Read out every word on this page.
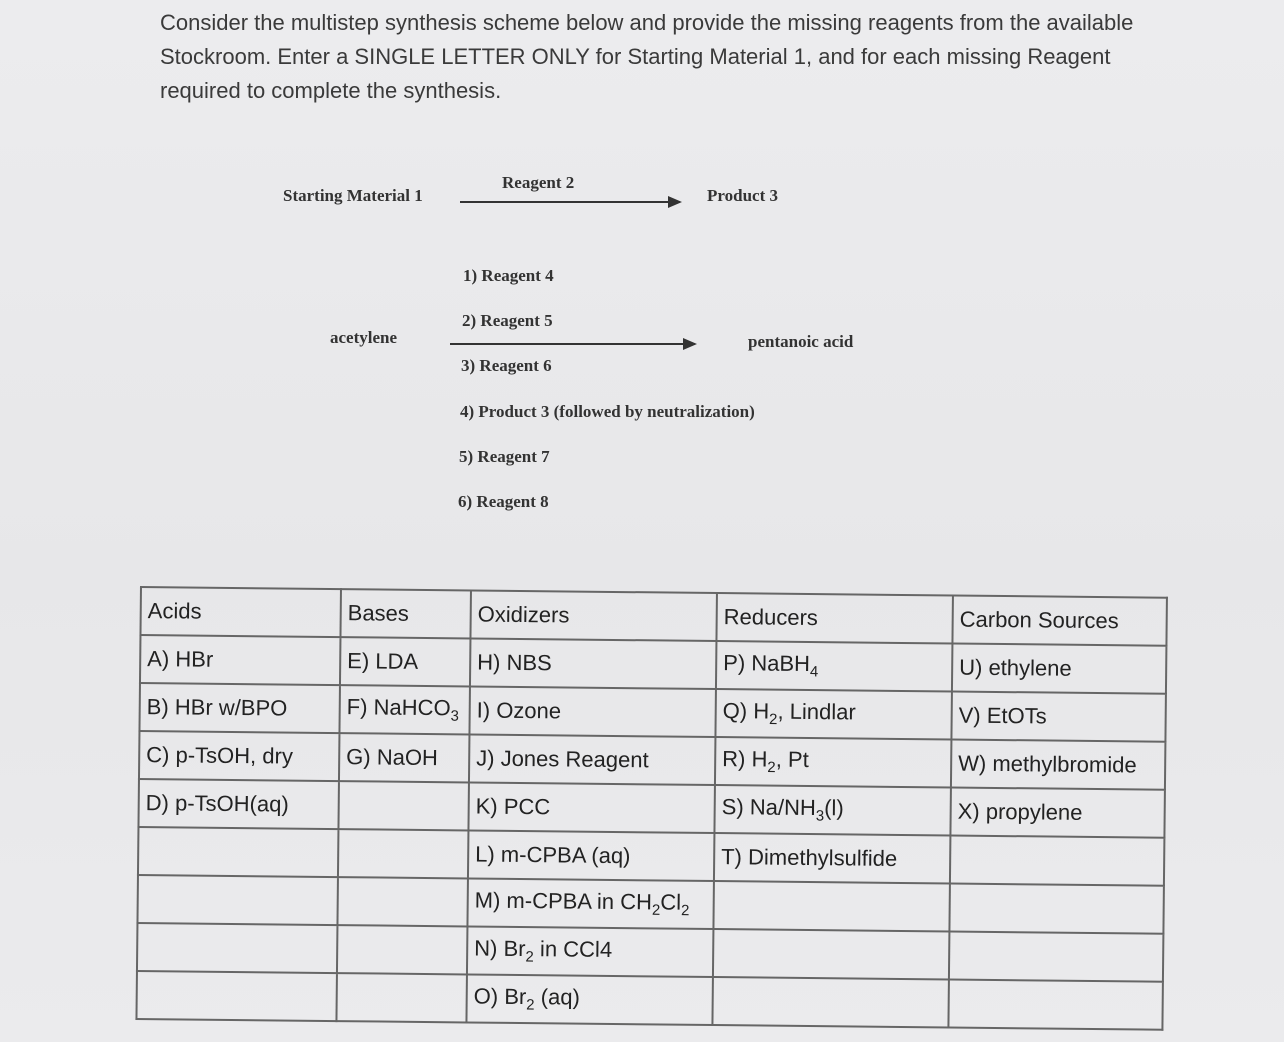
Consider the multistep synthesis scheme below and provide the missing reagents from the available Stockroom. Enter a SINGLE LETTER ONLY for Starting Material 1, and for each missing Reagent required to complete the synthesis.
Starting Material 1
Reagent 2
Product 3
1) Reagent 4
2) Reagent 5
acetylene	pentanoic acid
3) Reagent 6
4) Product 3 (followed by neutralization)
5) Reagent 7
6) Reagent 8
Acids	Bases	Oxidizers	Reducers	Carbon Sources
A) HBr	E) LDA	H) NBS	P) NaBH$_4$	U) ethylene
B) HBr w/BPO	F) NaHCO$_3$	I) Ozone	Q) $H_2$, Lindlar	V) EtOTs
C) p-TsOH, dry	G) NaOH	J) Jones Reagent	R) $H_2$, Pt	W) methylbromide
D) p-TsOH(aq)		K) PCC	S) $Na/NH_3(l)$	X) propylene
		L) m-CPBA (aq)	T) Dimethylsulfide	
		M) m-CPBA in $CH_2Cl_2$		
		N) $Br_2$ in CCl4		
		O) $Br_2$ (aq)		
